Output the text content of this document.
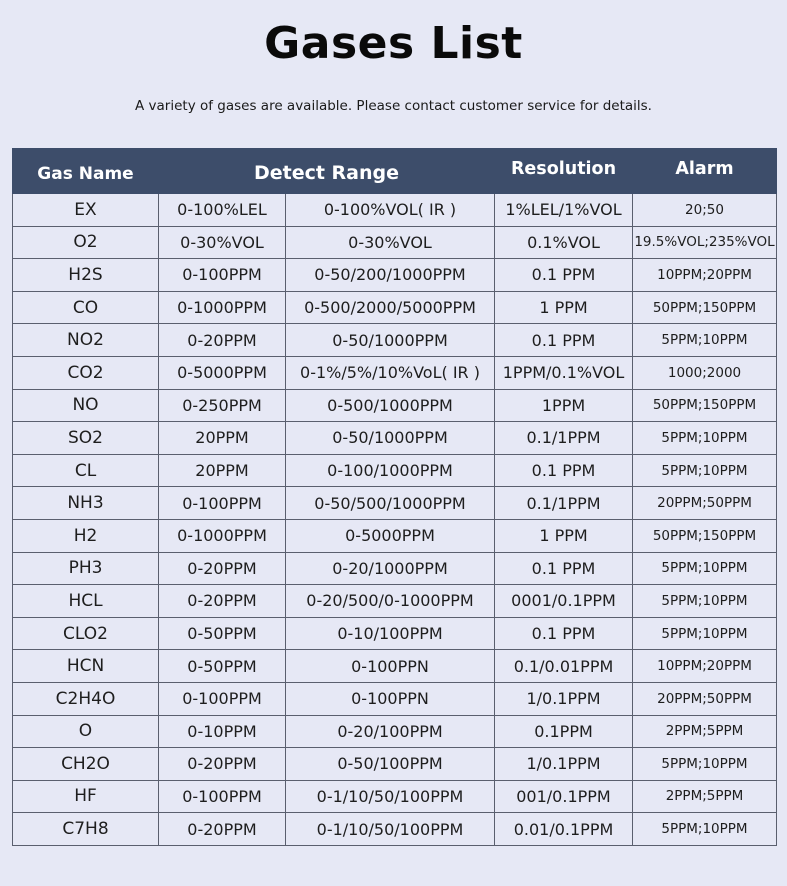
Gases List
A variety of gases are available. Please contact customer service for details.
Gas Name	Detect Range		Resolution	Alarm
EX	0-100%LEL	0-100%VOL( IR )	1%LEL/1%VOL	20;50
O2	0-30%VOL	0-30%VOL	0.1%VOL	19.5%VOL;235%VOL
H2S	0-100PPM	0-50/200/1000PPM	0.1 PPM	10PPM;20PPM
CO	0-1000PPM	0-500/2000/5000PPM	1 PPM	50PPM;150PPM
NO2	0-20PPM	0-50/1000PPM	0.1 PPM	5PPM;10PPM
CO2	0-5000PPM	0-1%/5%/10%VoL( IR )	1PPM/0.1%VOL	1000;2000
NO	0-250PPM	0-500/1000PPM	1PPM	50PPM;150PPM
SO2	20PPM	0-50/1000PPM	0.1/1PPM	5PPM;10PPM
CL	20PPM	0-100/1000PPM	0.1 PPM	5PPM;10PPM
NH3	0-100PPM	0-50/500/1000PPM	0.1/1PPM	20PPM;50PPM
H2	0-1000PPM	0-5000PPM	1 PPM	50PPM;150PPM
PH3	0-20PPM	0-20/1000PPM	0.1 PPM	5PPM;10PPM
HCL	0-20PPM	0-20/500/0-1000PPM	0001/0.1PPM	5PPM;10PPM
CLO2	0-50PPM	0-10/100PPM	0.1 PPM	5PPM;10PPM
HCN	0-50PPM	0-100PPN	0.1/0.01PPM	10PPM;20PPM
C2H4O	0-100PPM	0-100PPN	1/0.1PPM	20PPM;50PPM
O	0-10PPM	0-20/100PPM	0.1PPM	2PPM;5PPM
CH2O	0-20PPM	0-50/100PPM	1/0.1PPM	5PPM;10PPM
HF	0-100PPM	0-1/10/50/100PPM	001/0.1PPM	2PPM;5PPM
C7H8	0-20PPM	0-1/10/50/100PPM	0.01/0.1PPM	5PPM;10PPM
